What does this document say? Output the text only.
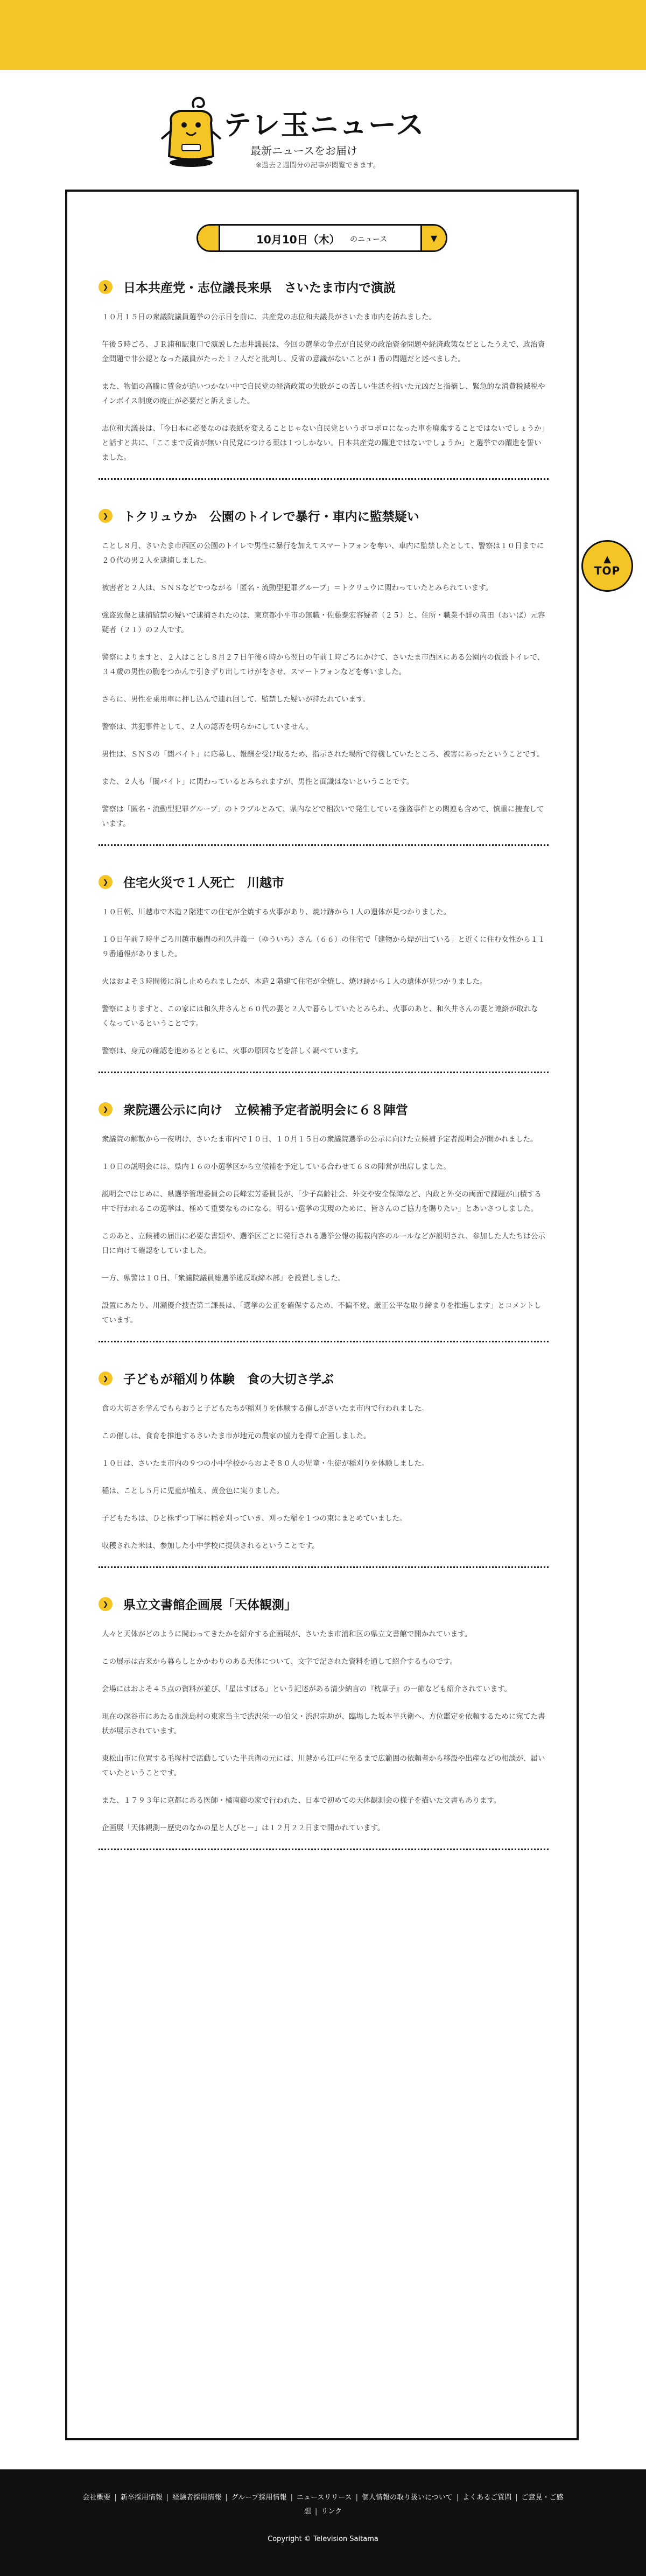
テレ玉ニュース
最新ニュースをお届け
※過去２週間分の記事が閲覧できます。
10月10日（木） のニュース	▼
❯	日本共産党・志位議長来県　さいたま市内で演説

１０月１５日の衆議院議員選挙の公示日を前に、共産党の志位和夫議長がさいたま市内を訪れました。

午後５時ごろ、ＪＲ浦和駅東口で演説した志井議長は、今回の選挙の争点が自民党の政治資金問題や経済政策などとしたうえで、政治資金問題で非公認となった議員がたった１２人だと批判し、反省の意識がないことが１番の問題だと述べました。

また、物価の高騰に賃金が追いつかない中で自民党の経済政策の失敗がこの苦しい生活を招いた元凶だと指摘し、緊急的な消費税減税やインボイス制度の廃止が必要だと訴えました。

志位和夫議長は、「今日本に必要なのは表紙を変えることじゃない自民党というボロボロになった車を廃棄することではないでしょうか」と話すと共に、「ここまで反省が無い自民党につける薬は１つしかない。日本共産党の躍進ではないでしょうか」と選挙での躍進を誓いました。

❯	トクリュウか　公園のトイレで暴行・車内に監禁疑い

ことし８月、さいたま市西区の公園のトイレで男性に暴行を加えてスマートフォンを奪い、車内に監禁したとして、警察は１０日までに２０代の男２人を逮捕しました。

被害者と２人は、ＳＮＳなどでつながる「匿名・流動型犯罪グループ」＝トクリュウに関わっていたとみられています。

強盗致傷と逮捕監禁の疑いで逮捕されたのは、東京都小平市の無職・佐藤泰宏容疑者（２５）と、住所・職業不詳の髙田（おいば）元容疑者（２１）の２人です。

警察によりますと、２人はことし８月２７日午後６時から翌日の午前１時ごろにかけて、さいたま市西区にある公園内の仮設トイレで、３４歳の男性の胸をつかんで引きずり出してけがをさせ、スマートフォンなどを奪いました。

さらに、男性を乗用車に押し込んで連れ回して、監禁した疑いが持たれています。

警察は、共犯事件として、２人の認否を明らかにしていません。

男性は、ＳＮＳの「闇バイト」に応募し、報酬を受け取るため、指示された場所で待機していたところ、被害にあったということです。

また、２人も「闇バイト」に関わっているとみられますが、男性と面識はないということです。

警察は「匿名・流動型犯罪グループ」のトラブルとみて、県内などで相次いで発生している強盗事件との関連も含めて、慎重に捜査しています。

❯	住宅火災で１人死亡　川越市

１０日朝、川越市で木造２階建ての住宅が全焼する火事があり、焼け跡から１人の遺体が見つかりました。

１０日午前７時半ごろ川越市藤間の和久井義一（ゆういち）さん（６６）の住宅で「建物から煙が出ている」と近くに住む女性から１１９番通報がありました。

火はおよそ３時間後に消し止められましたが、木造２階建て住宅が全焼し、焼け跡から１人の遺体が見つかりました。

警察によりますと、この家には和久井さんと６０代の妻と２人で暮らしていたとみられ、火事のあと、和久井さんの妻と連絡が取れなくなっているということです。

警察は、身元の確認を進めるとともに、火事の原因などを詳しく調べています。

❯	衆院選公示に向け　立候補予定者説明会に６８陣営

衆議院の解散から一夜明け、さいたま市内で１０日、１０月１５日の衆議院選挙の公示に向けた立候補予定者説明会が開かれました。

１０日の説明会には、県内１６の小選挙区から立候補を予定している合わせて６８の陣営が出席しました。

説明会ではじめに、県選挙管理委員会の長峰宏芳委員長が、「少子高齢社会、外交や安全保障など、内政と外交の両面で課題が山積する中で行われるこの選挙は、極めて重要なものになる。明るい選挙の実現のために、皆さんのご協力を賜りたい」とあいさつしました。

このあと、立候補の届出に必要な書類や、選挙区ごとに発行される選挙公報の掲載内容のルールなどが説明され、参加した人たちは公示日に向けて確認をしていました。

一方、県警は１０日、「衆議院議員総選挙違反取締本部」を設置しました。

設置にあたり、川瀬優介捜査第二課長は、「選挙の公正を確保するため、不偏不党、厳正公平な取り締まりを推進します」とコメントしています。

❯	子どもが稲刈り体験　食の大切さ学ぶ

食の大切さを学んでもらおうと子どもたちが稲刈りを体験する催しがさいたま市内で行われました。

この催しは、食育を推進するさいたま市が地元の農家の協力を得て企画しました。

１０日は、さいたま市内の９つの小中学校からおよそ８０人の児童・生徒が稲刈りを体験しました。

稲は、ことし５月に児童が植え、黄金色に実りました。

子どもたちは、ひと株ずつ丁寧に稲を刈っていき、刈った稲を１つの束にまとめていました。

収穫された米は、参加した小中学校に提供されるということです。

❯	県立文書館企画展「天体観測」

人々と天体がどのように関わってきたかを紹介する企画展が、さいたま市浦和区の県立文書館で開かれています。

この展示は古来から暮らしとかかわりのある天体について、文字で記された資料を通して紹介するものです。

会場にはおよそ４５点の資料が並び、「星はすばる」という記述がある清少納言の『枕草子』の一節なども紹介されています。

現在の深谷市にあたる血洗島村の東家当主で渋沢栄一の伯父・渋沢宗助が、臨場した坂本半兵衛へ、方位鑑定を依頼するために宛てた書状が展示されています。

東松山市に位置する毛塚村で活動していた半兵衛の元には、川越から江戸に至るまで広範囲の依頼者から移設や出産などの相談が、届いていたということです。

また、１７９３年に京都にある医師・橘南谿の家で行われた、日本で初めての天体観測会の様子を描いた文書もあります。

企画展「天体観測ー歴史のなかの星と人びとー」は１２月２２日まで開かれています。

▲
TOP
会社概要 | 新卒採用情報 | 経験者採用情報 | グループ採用情報 | ニュースリリース | 個人情報の取り扱いについて | よくあるご質問 | ご意見・ご感想 | リンク
Copyright © Television Saitama
